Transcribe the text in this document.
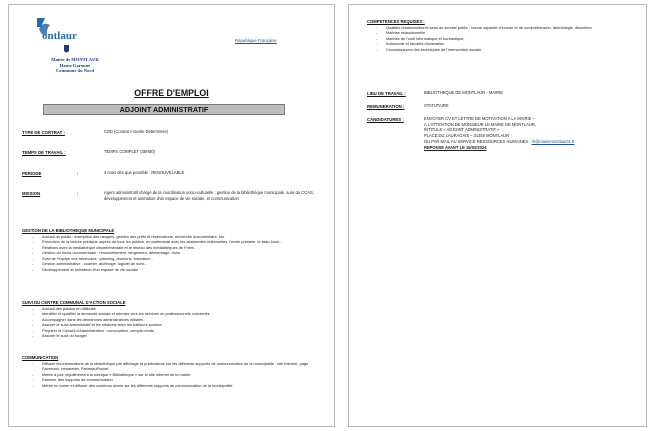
ontlaur
Mairie de MONTLAUR
Haute Garonne
Commune du Nord
République Française
OFFRE D'EMPLOI
ADJOINT ADMINISTRATIF
TYPE DE CONTRAT :	CDD (Contrat A Durée Déterminée)
TEMPS DE TRAVAIL :	TEMPS COMPLET (35H00)
PERIODE	:	3 mois dès que possible : RENOUVELABLE
MISSION	:	Agent administratif chargé de la coordination socio-culturelle : gestion de la bibliothèque municipale, suivi du CCAS, développement et animation d'un espace de vie sociale, et communication
GESTION DE LA BIBLIOTHEQUE MUNICIPALE
- Accueil du public : inscription des usagers, gestion des prêts et réservations, recherche documentaire, etc.
- Promotion de la lecture publique auprès de tous les publics, en partenariat avec les assistantes maternelles, l'école primaire, le tissu local...
- Relations avec la médiathèque départementale et le réseau des médiathèques de Friers
- Gestion du fonds documentaire : renouvellement, rangement, désherbage, dons
- Suivi de l'équipe des bénévoles : planning, réunions, formation...
- Gestion administrative : courrier, archivage, logiciel de suivi...
- Développement et animation d'un espace de vie sociale
SUIVI DU CENTRE COMMUNAL D'ACTION SOCIALE
- Accueil des publics en difficulté
- Identifier et qualifier la demande sociale et orienter vers les services ou professionnels concernés
- Accompagner dans les démarches administratives initiales
- Assurer le suivi administratif et les relations avec les bailleurs sociaux
- Préparer le Conseil d'Administration : convocation, compte-rendu
- Assurer le suivi du budget
COMMUNICATION
- Diffuser les informations de la bibliothèque par affichage et publications sur les différents supports de communication de la municipalité : site internet, page Facebook, newsletter, PanneauPocket
- Mettre à jour régulièrement la rubrique « Bibliothèque » sur le site internet de la mairie
- Elaborer des supports de communication
- Mettre en forme et diffuser des contenus divers sur les différents supports de communication de la municipalité
COMPETENCES REQUISES :
- Qualités relationnelles et sens du service public : bonne capacité d'écoute et de compréhension, déontologie, discrétion
- Maîtrise rédactionnelle
- Maîtrise de l'outil informatique et bureautique,
- Autonomie et facultés d'animation
- Connaissances des techniques de l'intervention sociale
LIEU DE TRAVAIL :	BIBLIOTHEQUE DE MONTLAUR - MAIRIE
REMUNERATION :	STATUTAIRE
CANDIDATURES :	ENVOYER CV ET LETTRE DE MOTIVATION A LA MAIRIE –
A L'ATTENTION DE MONSIEUR LE MAIRE DE MONTLAUR,
INTITULE « ADJOINT ADMINISTRATIF »
PLACE DU LAURAGAIS – 31450 MONTLAUR
OU PAR MAIL AU SERVICE RESSOURCES HUMAINES : rh@mairiemontlaur31.fr
REPONSE AVANT LE 15/02/2024
